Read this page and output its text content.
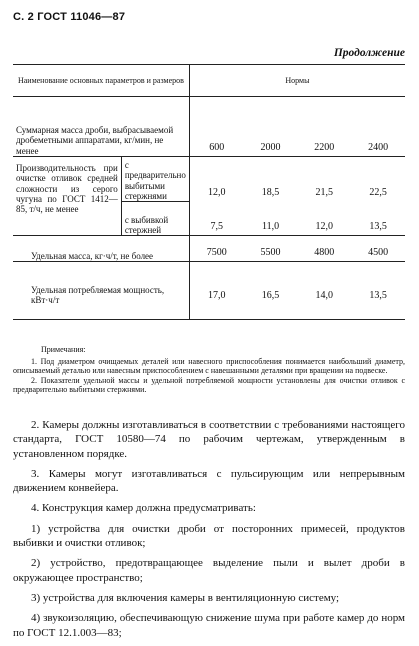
С. 2 ГОСТ 11046—87
Продолжение
Наименование основных параметров и размеров		Нормы			
Суммарная масса дроби, выбрасываемой дробеметными аппаратами, кг/мин, не менее		600	2000	2200	2400
Производительность при очистке отливок средней сложности из серого чугуна по ГОСТ 1412—85, т/ч, не менее	с предварительно выбитыми стержнями	12,0	18,5	21,5	22,5
	с выбивкой стержней	7,5	11,0	12,0	13,5
Удельная масса, кг·ч/т, не более		7500	5500	4800	4500
Удельная потребляемая мощность, кВт·ч/т		17,0	16,5	14,0	13,5
Примечания:

1. Под диаметром очищаемых деталей или навесного приспособления понимается наибольший диаметр, описываемый деталью или навесным приспособлением с навешанными деталями при вращении на подвеске.

2. Показатели удельной массы и удельной потребляемой мощности установлены для очистки отливок с предварительно выбитыми стержнями.

2. Камеры должны изготавливаться в соответствии с требованиями настоящего стандарта, ГОСТ 10580—74 по рабочим чертежам, утвержденным в установленном порядке.

3. Камеры могут изготавливаться с пульсирующим или непрерывным движением конвейера.

4. Конструкция камер должна предусматривать:

1) устройства для очистки дроби от посторонних примесей, продуктов выбивки и очистки отливок;

2) устройство, предотвращающее выделение пыли и вылет дроби в окружающее пространство;

3) устройства для включения камеры в вентиляционную систему;

4) звукоизоляцию, обеспечивающую снижение шума при работе камер до норм по ГОСТ 12.1.003—83;
